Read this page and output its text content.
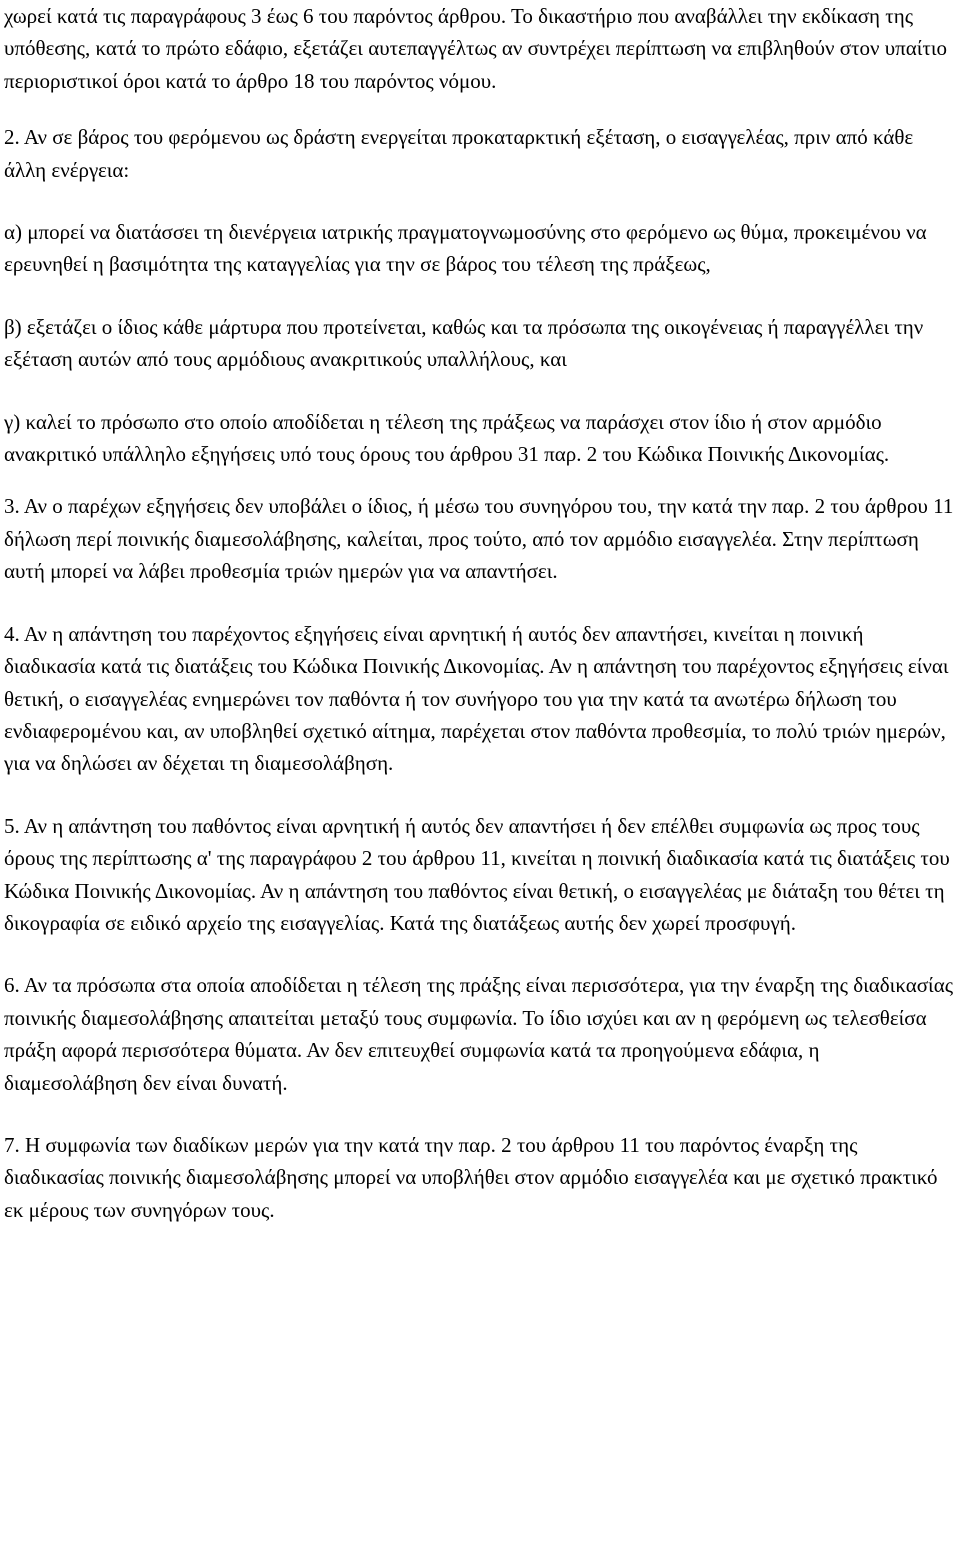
χωρεί κατά τις παραγράφους 3 έως 6 του παρόντος άρθρου. Το δικαστήριο που αναβάλλει την εκδίκαση της υπόθεσης, κατά το πρώτο εδάφιο, εξετάζει αυτεπαγγέλτως αν συντρέχει περίπτωση να επιβληθούν στον υπαίτιο περιοριστικοί όροι κατά το άρθρο 18 του παρόντος νόμου.

2. Αν σε βάρος του φερόμενου ως δράστη ενεργείται προκαταρκτική εξέταση, ο εισαγγελέας, πριν από κάθε άλλη ενέργεια:

α) μπορεί να διατάσσει τη διενέργεια ιατρικής πραγματογνωμοσύνης στο φερόμενο ως θύμα, προκειμένου να ερευνηθεί η βασιμότητα της καταγγελίας για την σε βάρος του τέλεση της πράξεως,

β) εξετάζει ο ίδιος κάθε μάρτυρα που προτείνεται, καθώς και τα πρόσωπα της οικογένειας ή παραγγέλλει την εξέταση αυτών από τους αρμόδιους ανακριτικούς υπαλλήλους, και

γ) καλεί το πρόσωπο στο οποίο αποδίδεται η τέλεση της πράξεως να παράσχει στον ίδιο ή στον αρμόδιο ανακριτικό υπάλληλο εξηγήσεις υπό τους όρους του άρθρου 31 παρ. 2 του Κώδικα Ποινικής Δικονομίας.

3. Αν ο παρέχων εξηγήσεις δεν υποβάλει ο ίδιος, ή μέσω του συνηγόρου του, την κατά την παρ. 2 του άρθρου 11 δήλωση περί ποινικής διαμεσολάβησης, καλείται, προς τούτο, από τον αρμόδιο εισαγγελέα. Στην περίπτωση αυτή μπορεί να λάβει προθεσμία τριών ημερών για να απαντήσει.

4. Αν η απάντηση του παρέχοντος εξηγήσεις είναι αρνητική ή αυτός δεν απαντήσει, κινείται η ποινική διαδικασία κατά τις διατάξεις του Κώδικα Ποινικής Δικονομίας. Αν η απάντηση του παρέχοντος εξηγήσεις είναι θετική, ο εισαγγελέας ενημερώνει τον παθόντα ή τον συνήγορο του για την κατά τα ανωτέρω δήλωση του ενδιαφερομένου και, αν υποβληθεί σχετικό αίτημα, παρέχεται στον παθόντα προθεσμία, το πολύ τριών ημερών, για να δηλώσει αν δέχεται τη διαμεσολάβηση.

5. Αν η απάντηση του παθόντος είναι αρνητική ή αυτός δεν απαντήσει ή δεν επέλθει συμφωνία ως προς τους όρους της περίπτωσης α' της παραγράφου 2 του άρθρου 11, κινείται η ποινική διαδικασία κατά τις διατάξεις του Κώδικα Ποινικής Δικονομίας. Αν η απάντηση του παθόντος είναι θετική, ο εισαγγελέας με διάταξη του θέτει τη δικογραφία σε ειδικό αρχείο της εισαγγελίας. Κατά της διατάξεως αυτής δεν χωρεί προσφυγή.

6. Αν τα πρόσωπα στα οποία αποδίδεται η τέλεση της πράξης είναι περισσότερα, για την έναρξη της διαδικασίας ποινικής διαμεσολάβησης απαιτείται μεταξύ τους συμφωνία. Το ίδιο ισχύει και αν η φερόμενη ως τελεσθείσα πράξη αφορά περισσότερα θύματα. Αν δεν επιτευχθεί συμφωνία κατά τα προηγούμενα εδάφια, η διαμεσολάβηση δεν είναι δυνατή.

7. Η συμφωνία των διαδίκων μερών για την κατά την παρ. 2 του άρθρου 11 του παρόντος έναρξη της διαδικασίας ποινικής διαμεσολάβησης μπορεί να υποβλήθει στον αρμόδιο εισαγγελέα και με σχετικό πρακτικό εκ μέρους των συνηγόρων τους.
